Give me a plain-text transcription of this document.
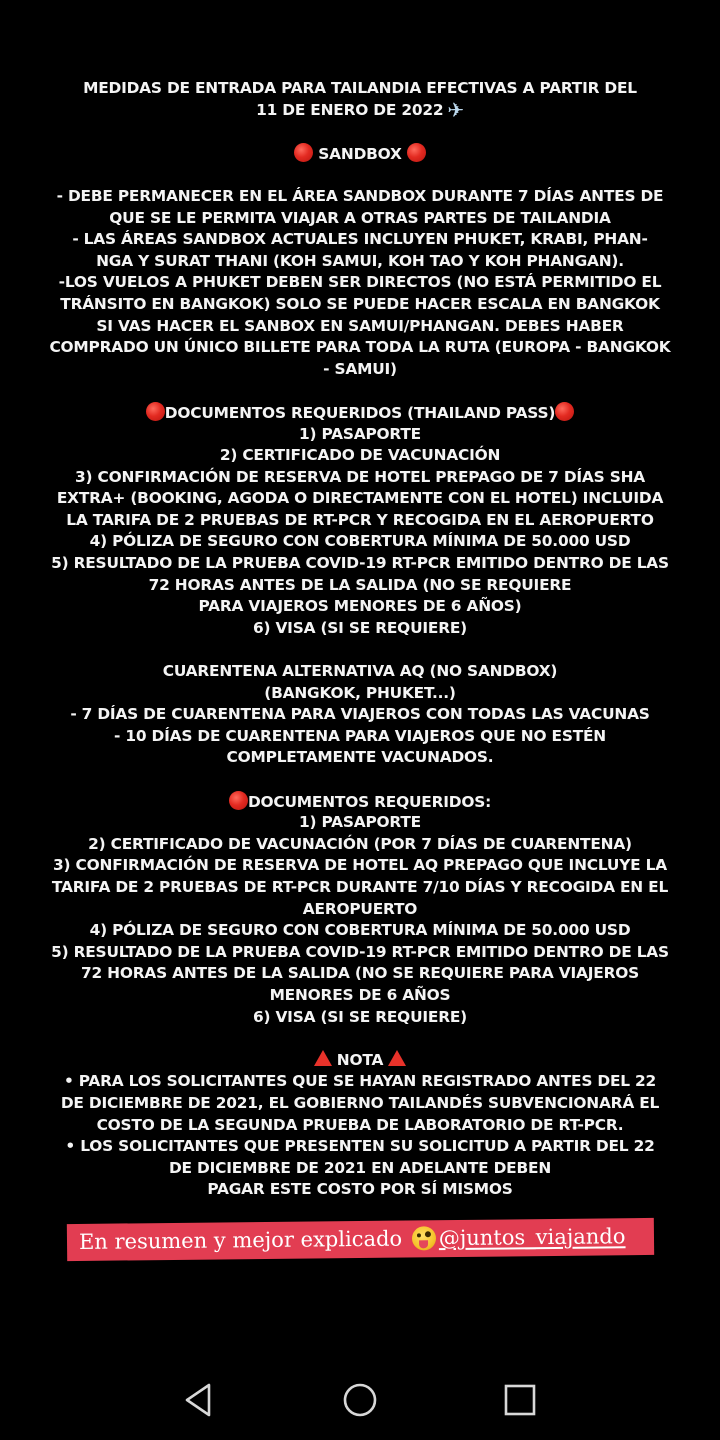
MEDIDAS DE ENTRADA PARA TAILANDIA EFECTIVAS A PARTIR DEL
11 DE ENERO DE 2022 ✈
SANDBOX
- DEBE PERMANECER EN EL ÁREA SANDBOX DURANTE 7 DÍAS ANTES DE
QUE SE LE PERMITA VIAJAR A OTRAS PARTES DE TAILANDIA
- LAS ÁREAS SANDBOX ACTUALES INCLUYEN PHUKET, KRABI, PHAN-
NGA Y SURAT THANI (KOH SAMUI, KOH TAO Y KOH PHANGAN).
-LOS VUELOS A PHUKET DEBEN SER DIRECTOS (NO ESTÁ PERMITIDO EL
TRÁNSITO EN BANGKOK) SOLO SE PUEDE HACER ESCALA EN BANGKOK
SI VAS HACER EL SANBOX EN SAMUI/PHANGAN. DEBES HABER
COMPRADO UN ÚNICO BILLETE PARA TODA LA RUTA (EUROPA - BANGKOK
- SAMUI)
DOCUMENTOS REQUERIDOS (THAILAND PASS)
1) PASAPORTE
2) CERTIFICADO DE VACUNACIÓN
3) CONFIRMACIÓN DE RESERVA DE HOTEL PREPAGO DE 7 DÍAS SHA
EXTRA+ (BOOKING, AGODA O DIRECTAMENTE CON EL HOTEL) INCLUIDA
LA TARIFA DE 2 PRUEBAS DE RT-PCR Y RECOGIDA EN EL AEROPUERTO
4) PÓLIZA DE SEGURO CON COBERTURA MÍNIMA DE 50.000 USD
5) RESULTADO DE LA PRUEBA COVID-19 RT-PCR EMITIDO DENTRO DE LAS
72 HORAS ANTES DE LA SALIDA (NO SE REQUIERE
PARA VIAJEROS MENORES DE 6 AÑOS)
6) VISA (SI SE REQUIERE)
CUARENTENA ALTERNATIVA AQ (NO SANDBOX)
(BANGKOK, PHUKET...)
- 7 DÍAS DE CUARENTENA PARA VIAJEROS CON TODAS LAS VACUNAS
- 10 DÍAS DE CUARENTENA PARA VIAJEROS QUE NO ESTÉN
COMPLETAMENTE VACUNADOS.
DOCUMENTOS REQUERIDOS:
1) PASAPORTE
2) CERTIFICADO DE VACUNACIÓN (POR 7 DÍAS DE CUARENTENA)
3) CONFIRMACIÓN DE RESERVA DE HOTEL AQ PREPAGO QUE INCLUYE LA
TARIFA DE 2 PRUEBAS DE RT-PCR DURANTE 7/10 DÍAS Y RECOGIDA EN EL
AEROPUERTO
4) PÓLIZA DE SEGURO CON COBERTURA MÍNIMA DE 50.000 USD
5) RESULTADO DE LA PRUEBA COVID-19 RT-PCR EMITIDO DENTRO DE LAS
72 HORAS ANTES DE LA SALIDA (NO SE REQUIERE PARA VIAJEROS
MENORES DE 6 AÑOS
6) VISA (SI SE REQUIERE)
NOTA
• PARA LOS SOLICITANTES QUE SE HAYAN REGISTRADO ANTES DEL 22
DE DICIEMBRE DE 2021, EL GOBIERNO TAILANDÉS SUBVENCIONARÁ EL
COSTO DE LA SEGUNDA PRUEBA DE LABORATORIO DE RT-PCR.
• LOS SOLICITANTES QUE PRESENTEN SU SOLICITUD A PARTIR DEL 22
DE DICIEMBRE DE 2021 EN ADELANTE DEBEN
PAGAR ESTE COSTO POR SÍ MISMOS
En resumen y mejor explicado @juntos_viajando
